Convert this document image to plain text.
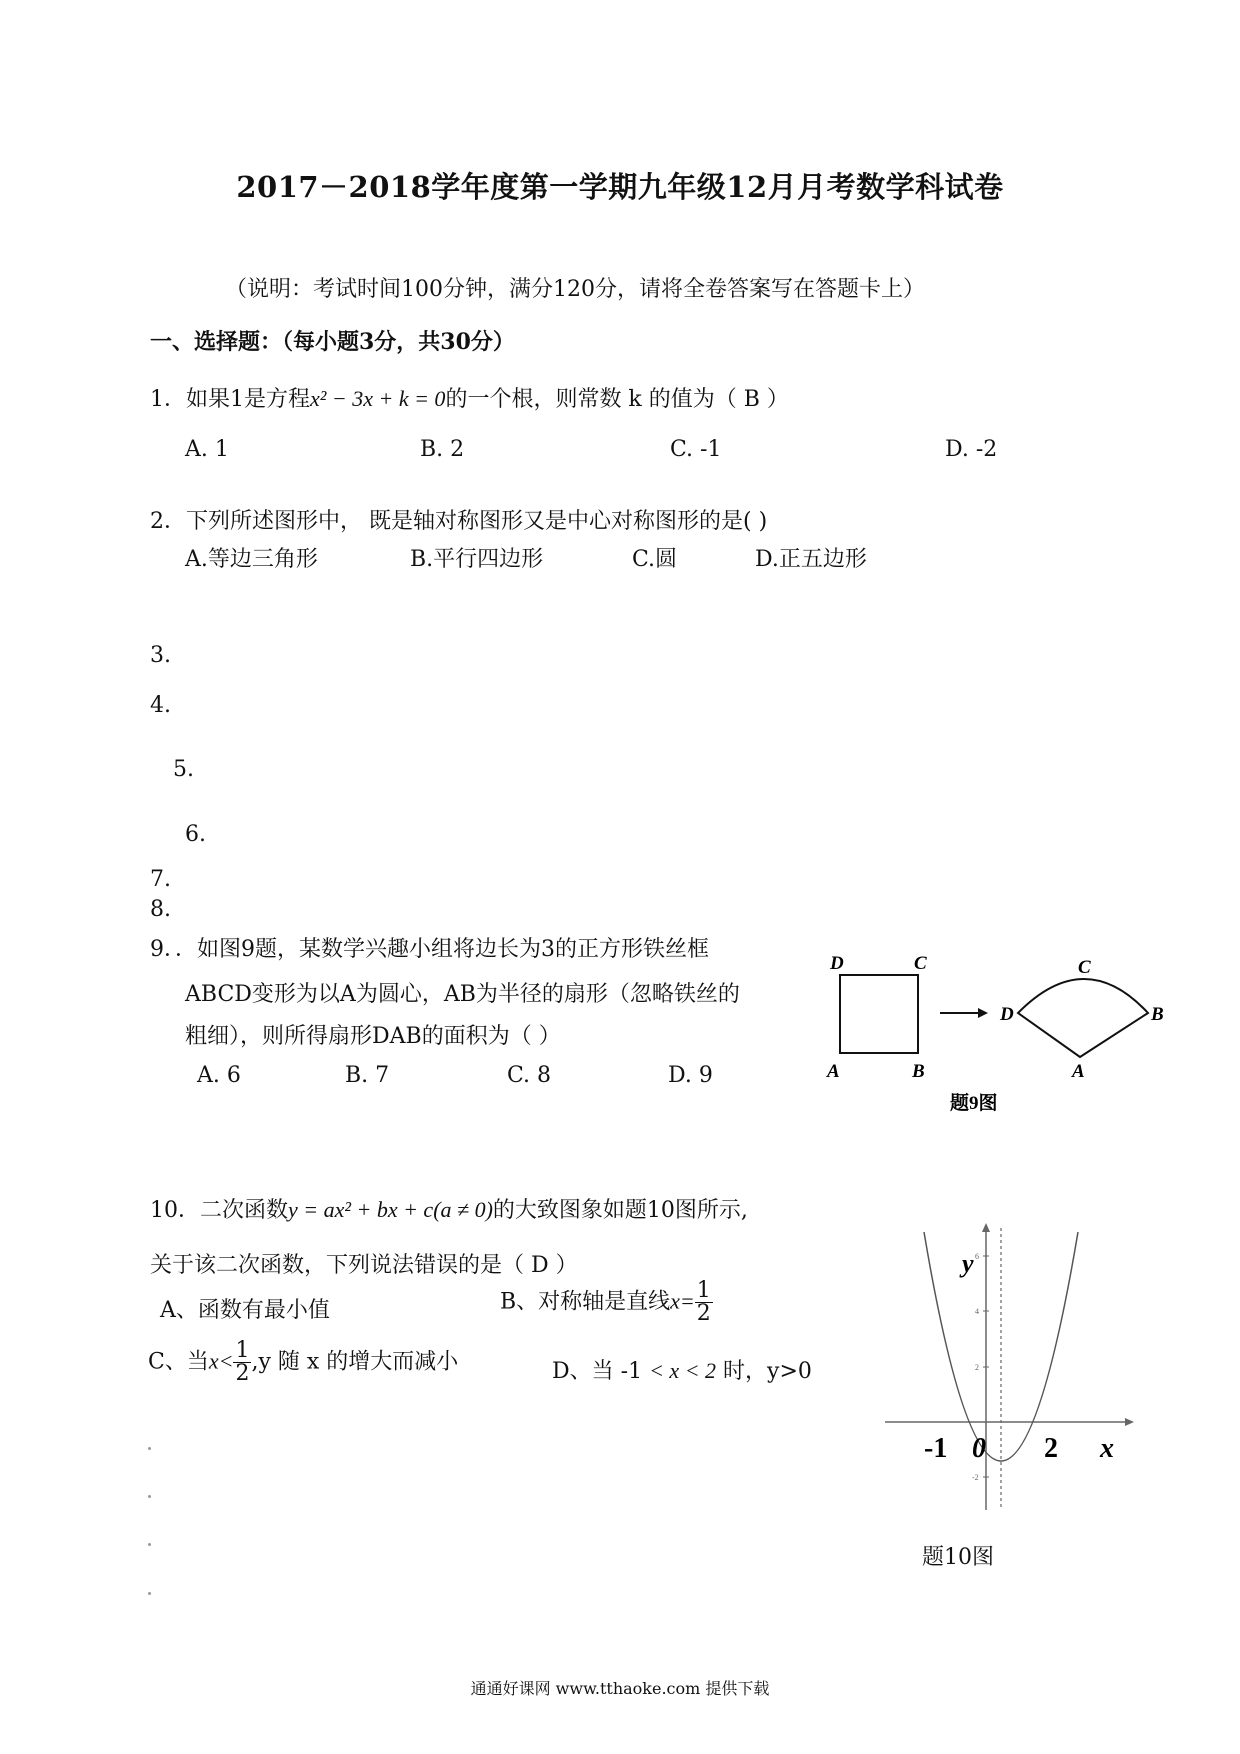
2017－2018学年度第一学期九年级12月月考数学科试卷
（说明：考试时间100分钟，满分120分，请将全卷答案写在答题卡上）
一、选择题：（每小题3分，共30分）
1．如果1是方程x² − 3x + k = 0的一个根，则常数 k 的值为（ B ）
A. 1	B. 2	C. -1	D. -2
2．下列所述图形中， 既是轴对称图形又是中心对称图形的是( )
A.等边三角形	B.平行四边形	C.圆	D.正五边形
3.
4.
5.
6.
7.
8.
9．．如图9题，某数学兴趣小组将边长为3的正方形铁丝框
ABCD变形为以A为圆心，AB为半径的扇形（忽略铁丝的
粗细），则所得扇形DAB的面积为（ ）
A. 6	B. 7	C. 8	D. 9
D	C
A	B
C
D	B
A
题9图
10．二次函数y = ax² + bx + c(a ≠ 0)的大致图象如题10图所示,
关于该二次函数，下列说法错误的是（ D ）
A、函数有最小值	B、对称轴是直线$x= \frac{1}{2}$
C、当$x< \frac{1}{2} ,y$ 随 x 的增大而减小	D、当 -1 < x < 2 时，y>0
6
4
2
-2
y
x
-1 0 2
题10图
通通好课网 www.tthaoke.com 提供下载
